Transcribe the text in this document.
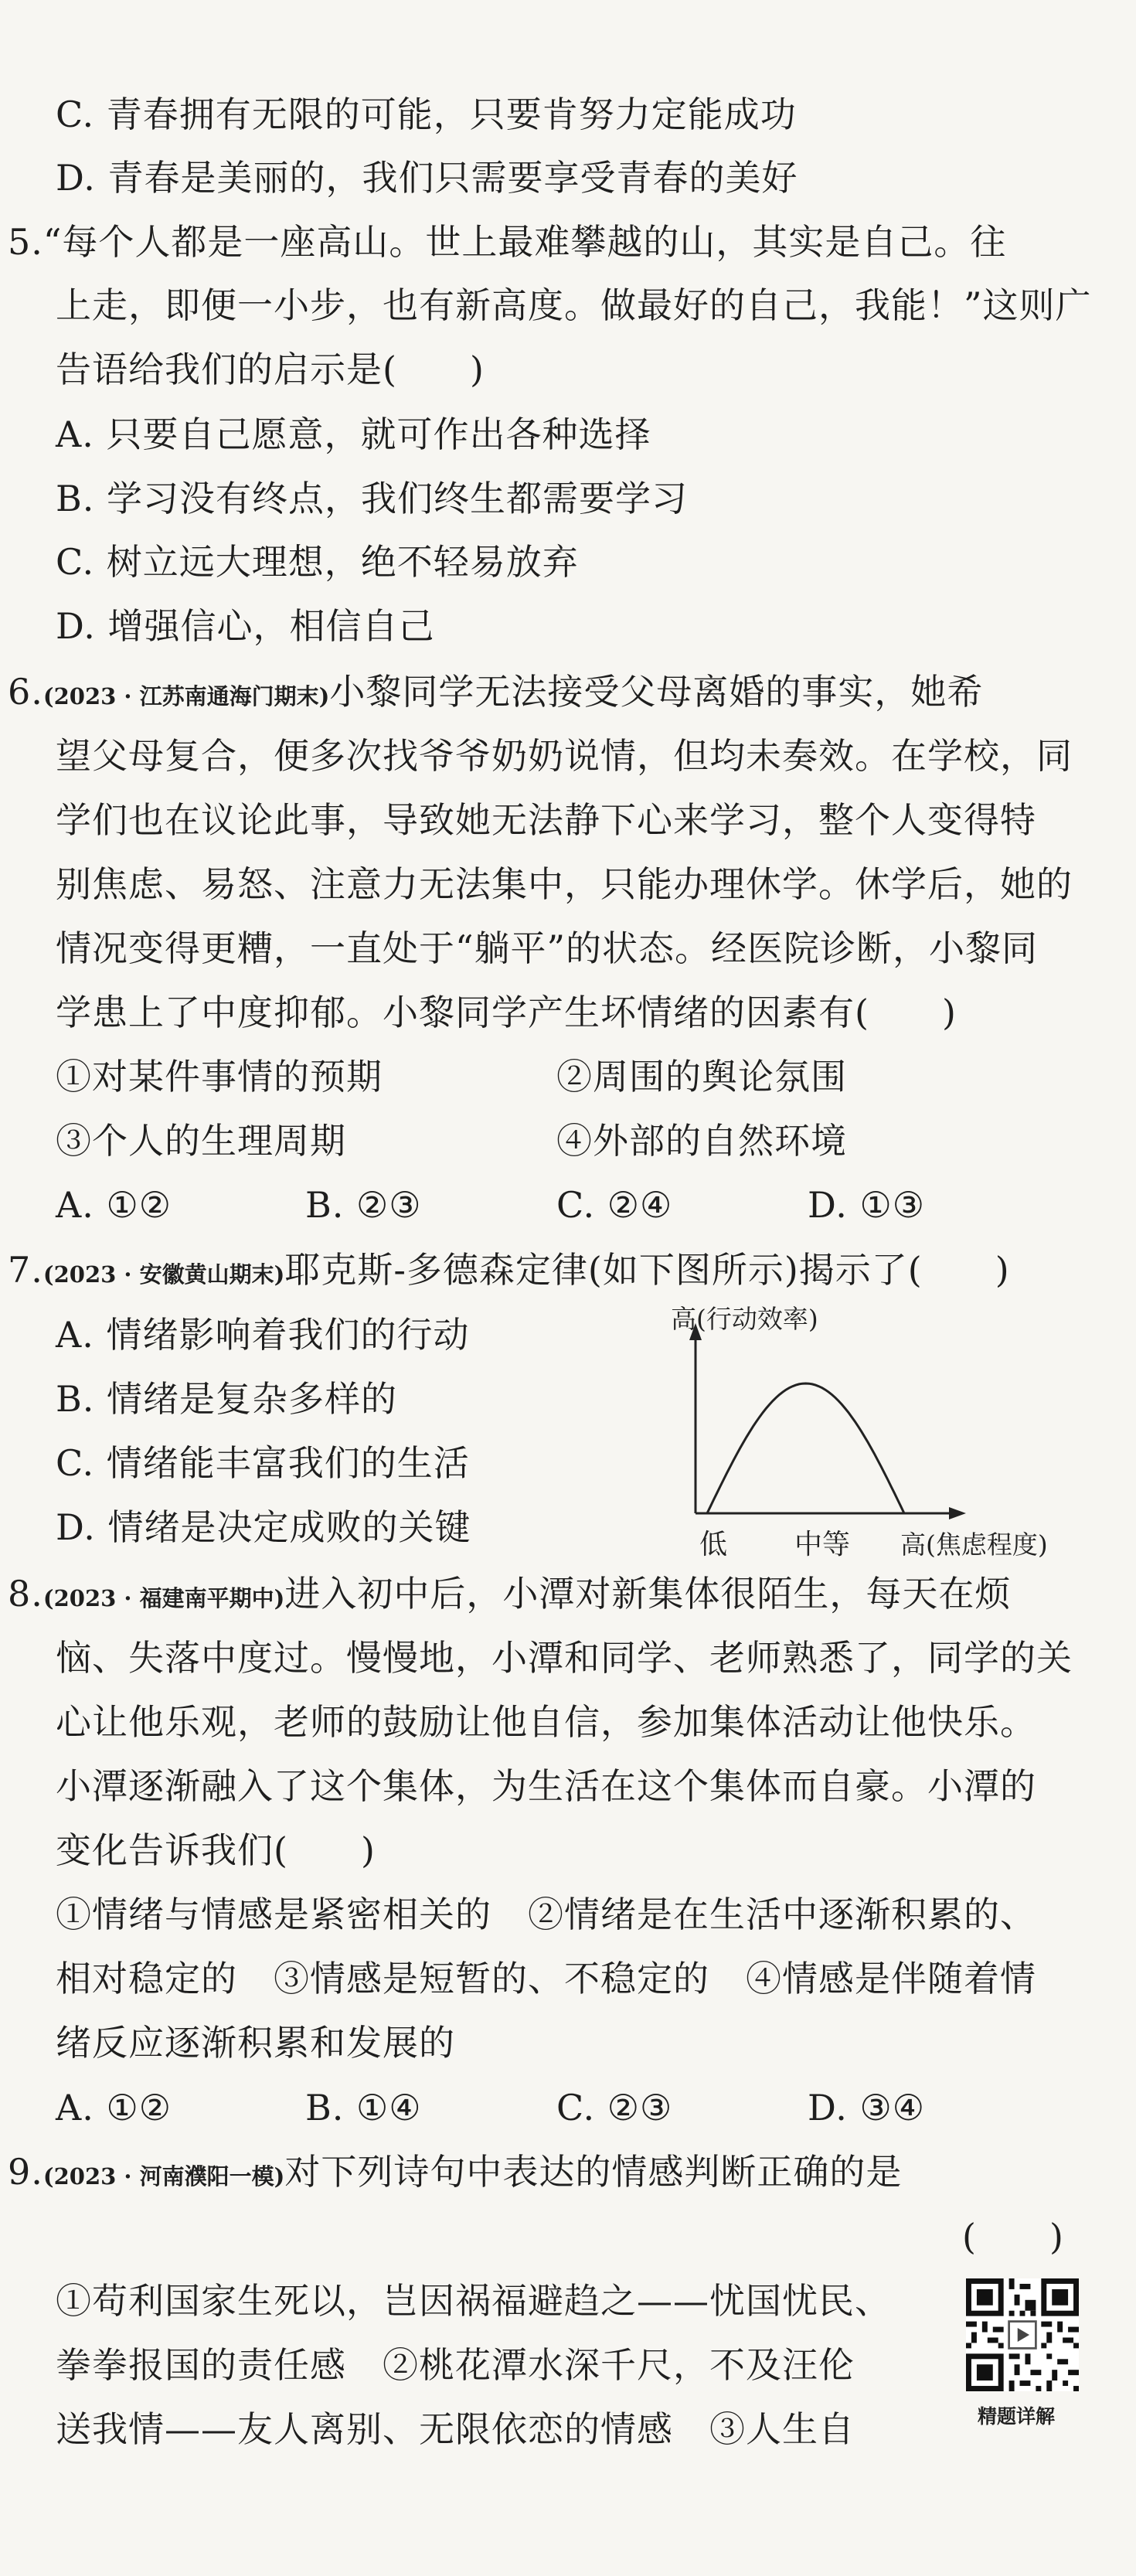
C. 青春拥有无限的可能，只要肯努力定能成功
D. 青春是美丽的，我们只需要享受青春的美好
5.“每个人都是一座高山。世上最难攀越的山，其实是自己。往
上走，即便一小步，也有新高度。做最好的自己，我能！”这则广
告语给我们的启示是(　　)
A. 只要自己愿意，就可作出各种选择
B. 学习没有终点，我们终生都需要学习
C. 树立远大理想，绝不轻易放弃
D. 增强信心，相信自己
6.(2023 · 江苏南通海门期末)小黎同学无法接受父母离婚的事实，她希
望父母复合，便多次找爷爷奶奶说情，但均未奏效。在学校，同
学们也在议论此事，导致她无法静下心来学习，整个人变得特
别焦虑、易怒、注意力无法集中，只能办理休学。休学后，她的
情况变得更糟，一直处于“躺平”的状态。经医院诊断，小黎同
学患上了中度抑郁。小黎同学产生坏情绪的因素有(　　)
①对某件事情的预期	②周围的舆论氛围
③个人的生理周期	④外部的自然环境
A. ①②	B. ②③	C. ②④	D. ①③
7.(2023 · 安徽黄山期末)耶克斯-多德森定律(如下图所示)揭示了(　　)
A. 情绪影响着我们的行动
B. 情绪是复杂多样的
C. 情绪能丰富我们的生活
D. 情绪是决定成败的关键
高(行动效率)
低 中等 高(焦虑程度)
8.(2023 · 福建南平期中)进入初中后，小潭对新集体很陌生，每天在烦
恼、失落中度过。慢慢地，小潭和同学、老师熟悉了，同学的关
心让他乐观，老师的鼓励让他自信，参加集体活动让他快乐。
小潭逐渐融入了这个集体，为生活在这个集体而自豪。小潭的
变化告诉我们(　　)
①情绪与情感是紧密相关的　②情绪是在生活中逐渐积累的、
相对稳定的　③情感是短暂的、不稳定的　④情感是伴随着情
绪反应逐渐积累和发展的
A. ①②	B. ①④	C. ②③	D. ③④
9.(2023 · 河南濮阳一模)对下列诗句中表达的情感判断正确的是
(　　)
①苟利国家生死以，岂因祸福避趋之——忧国忧民、
拳拳报国的责任感　②桃花潭水深千尺，不及汪伦
送我情——友人离别、无限依恋的情感　③人生自	精题详解
